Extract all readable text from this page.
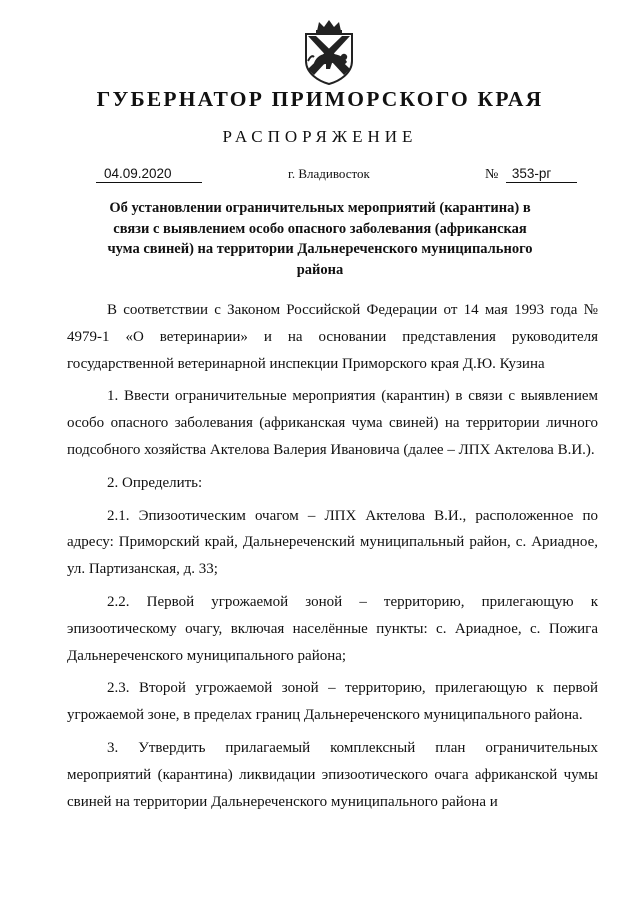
ГУБЕРНАТОР ПРИМОРСКОГО КРАЯ
РАСПОРЯЖЕНИЕ
04.09.2020	г. Владивосток	№ 353-рг
Об установлении ограничительных мероприятий (карантина) в связи с выявлением особо опасного заболевания (африканская чума свиней) на территории Дальнереченского муниципального района

В соответствии с Законом Российской Федерации от 14 мая 1993 года № 4979-1 «О ветеринарии» и на основании представления руководителя государственной ветеринарной инспекции Приморского края Д.Ю. Кузина

1. Ввести ограничительные мероприятия (карантин) в связи с выявлением особо опасного заболевания (африканская чума свиней) на территории личного подсобного хозяйства Актелова Валерия Ивановича (далее – ЛПХ Актелова В.И.).

2. Определить:

2.1. Эпизоотическим очагом – ЛПХ Актелова В.И., расположенное по адресу: Приморский край, Дальнереченский муниципальный район, с. Ариадное, ул. Партизанская, д. 33;

2.2. Первой угрожаемой зоной – территорию, прилегающую к эпизоотическому очагу, включая населённые пункты: с. Ариадное, с. Пожига Дальнереченского муниципального района;

2.3. Второй угрожаемой зоной – территорию, прилегающую к первой угрожаемой зоне, в пределах границ Дальнереченского муниципального района.

3. Утвердить прилагаемый комплексный план ограничительных мероприятий (карантина) ликвидации эпизоотического очага африканской чумы свиней на территории Дальнереченского муниципального района и
